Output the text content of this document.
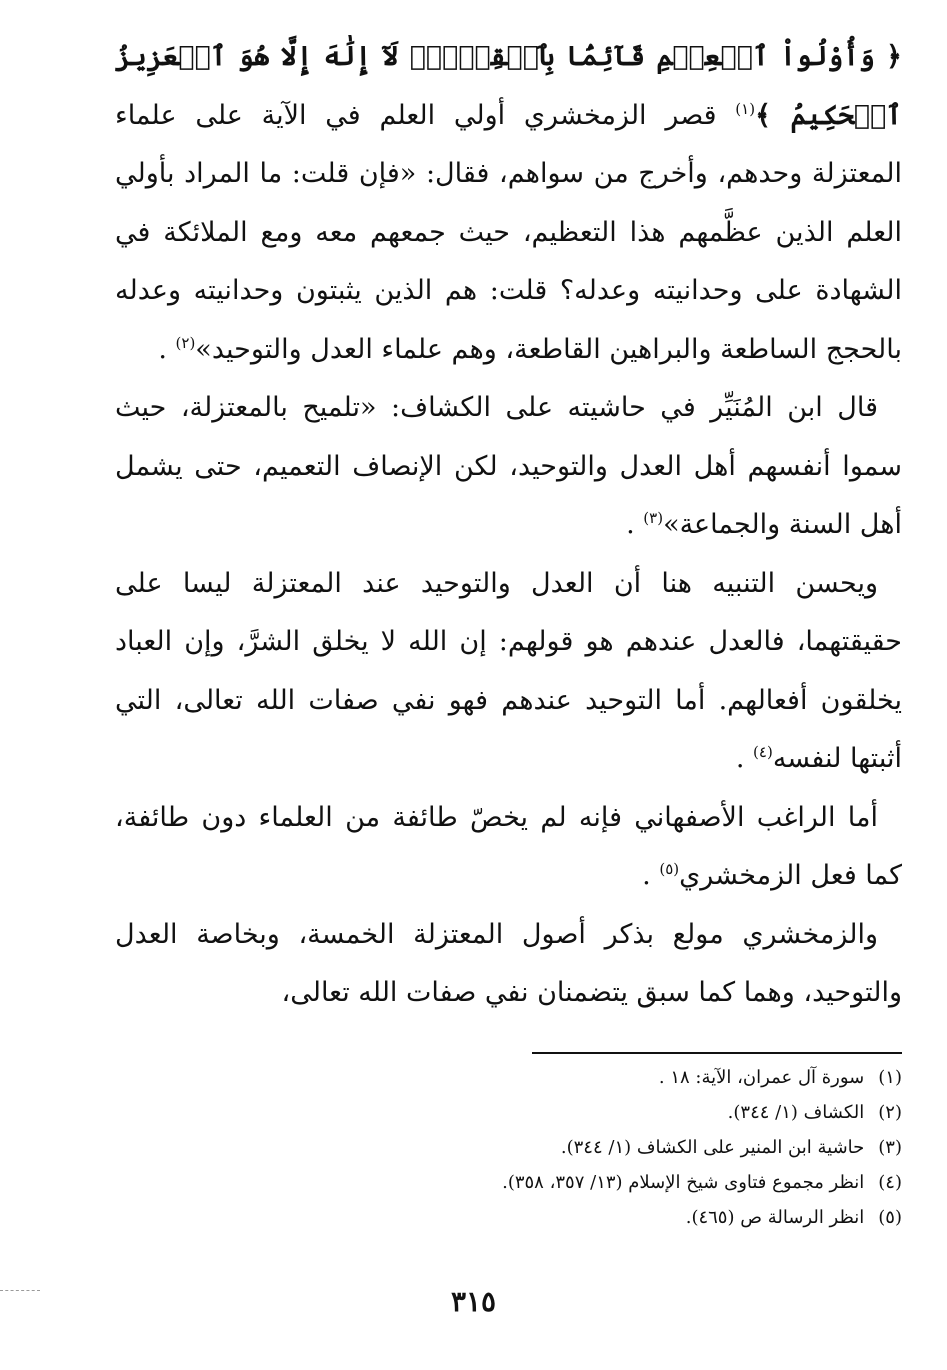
﴿ وَأُوْلُواْ ٱلۡعِلۡمِ قَآئِمَۢا بِٱلۡقِسۡطِۚ لَآ إِلَٰهَ إِلَّا هُوَ ٱلۡعَزِيزُ ٱلۡحَكِيمُ ﴾$^{(١)}$ قصر الزمخشري أولي العلم في الآية على علماء المعتزلة وحدهم، وأخرج من سواهم، فقال: «فإن قلت: ما المراد بأولي العلم الذين عظَّمهم هذا التعظيم، حيث جمعهم معه ومع الملائكة في الشهادة على وحدانيته وعدله؟ قلت: هم الذين يثبتون وحدانيته وعدله بالحجج الساطعة والبراهين القاطعة، وهم علماء العدل والتوحيد»$^{(٢)}$ .

قال ابن المُنَيِّر في حاشيته على الكشاف: «تلميح بالمعتزلة، حيث سموا أنفسهم أهل العدل والتوحيد، لكن الإنصاف التعميم، حتى يشمل أهل السنة والجماعة»$^{(٣)}$ .

ويحسن التنبيه هنا أن العدل والتوحيد عند المعتزلة ليسا على حقيقتهما، فالعدل عندهم هو قولهم: إن الله لا يخلق الشرَّ، وإن العباد يخلقون أفعالهم. أما التوحيد عندهم فهو نفي صفات الله تعالى، التي أثبتها لنفسه$^{(٤)}$ .

أما الراغب الأصفهاني فإنه لم يخصّ طائفة من العلماء دون طائفة، كما فعل الزمخشري$^{(٥)}$ .

والزمخشري مولع بذكر أصول المعتزلة الخمسة، وبخاصة العدل والتوحيد، وهما كما سبق يتضمنان نفي صفات الله تعالى،

(١)سورة آل عمران، الآية: ١٨ .
(٢)الكشاف (١/ ٣٤٤).
(٣)حاشية ابن المنير على الكشاف (١/ ٣٤٤).
(٤)انظر مجموع فتاوى شيخ الإسلام (١٣/ ٣٥٧، ٣٥٨).
(٥)انظر الرسالة ص (٤٦٥).
٣١٥
